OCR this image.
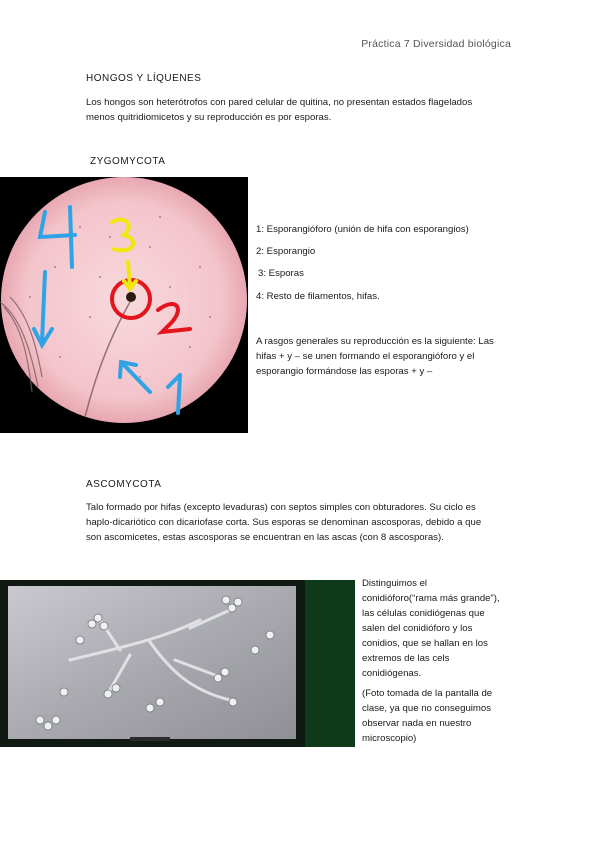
Práctica 7 Diversidad biológica
HONGOS Y LÍQUENES
Los hongos son heterótrofos con pared celular de quitina, no presentan estados flagelados
menos quitridiomicetos y su reproducción es por esporas.
ZYGOMYCOTA
4
1: Esporangióforo (unión de hifa con esporangios)
2: Esporangio
3: Esporas
4: Resto de filamentos, hifas.
A rasgos generales su reproducción es la siguiente: Las
hifas + y – se unen formando el esporangióforo y el
esporangio formándose las esporas + y –
ASCOMYCOTA
Talo formado por hifas (excepto levaduras) con septos simples con obturadores. Su ciclo es
haplo-dicariótico con dicariofase corta. Sus esporas se denominan ascosporas, debido a que
son ascomicetes, estas ascosporas se encuentran en las ascas (con 8 ascosporas).
Distinguimos el
conidióforo(“rama más grande”),
las células conidiógenas que
salen del conidióforo y los
conidios, que se hallan en los
extremos de las cels
conidiógenas.
(Foto tomada de la pantalla de
clase, ya que no conseguimos
observar nada en nuestro
microscopio)
